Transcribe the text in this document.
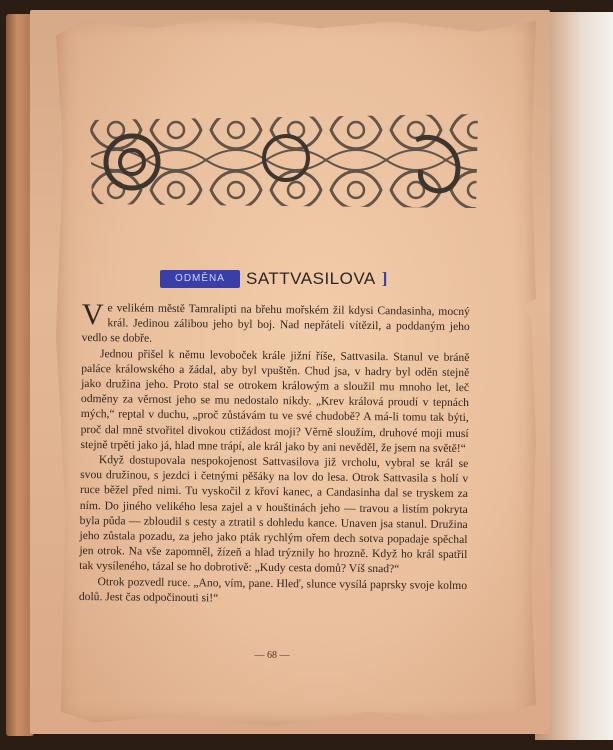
ODMĚNA	SATTVASILOVA ]

Ve velikém městě Tamralipti na břehu mořském žil kdysi Candasinha, mocný král. Jedinou zálibou jeho byl boj. Nad nepřáteli vítězil, a poddaným jeho vedlo se dobře.

Jednou přišel k němu levoboček krále jižní říše, Sattvasila. Stanul ve bráně paláce králowského a žádal, aby byl vpuštěn. Chud jsa, v hadry byl oděn stejně jako družina jeho. Proto stal se otrokem králowým a sloužil mu mnoho let, leč odměny za věrnost jeho se mu nedostalo nikdy. „Krev králová proudí v tepnách mých,“ reptal v duchu, „proč zůstávám tu ve své chudobě? A má-li tomu tak býti, proč dal mně stvořitel divokou ctižádost moji? Věrně sloužím, druhové moji musí stejně trpěti jako já, hlad mne trápí, ale král jako by ani nevěděl, že jsem na světě!“

Když dostupovala nespokojenost Sattvasilova již vrcholu, vybral se král se svou družinou, s jezdci i četnými pěšáky na lov do lesa. Otrok Sattvasila s holí v ruce běžel před nimi. Tu vyskočil z křoví kanec, a Candasinha dal se tryskem za ním. Do jiného velikého lesa zajel a v houštinách jeho — travou a listím pokryta byla půda — zbloudil s cesty a ztratil s dohledu kance. Unaven jsa stanul. Družina jeho zůstala pozadu, za jeho jako pták rychlým ořem dech sotva popadaje spěchal jen otrok. Na vše zapomněl, žízeň a hlad trýznily ho hrozně. Když ho král spatřil tak vysíleného, tázal se ho dobrotivě: „Kudy cesta domů? Víš snad?“

Otrok pozvedl ruce. „Ano, vím, pane. Hleď, slunce vysílá paprsky svoje kolmo dolů. Jest čas odpočinouti si!“

— 68 —
